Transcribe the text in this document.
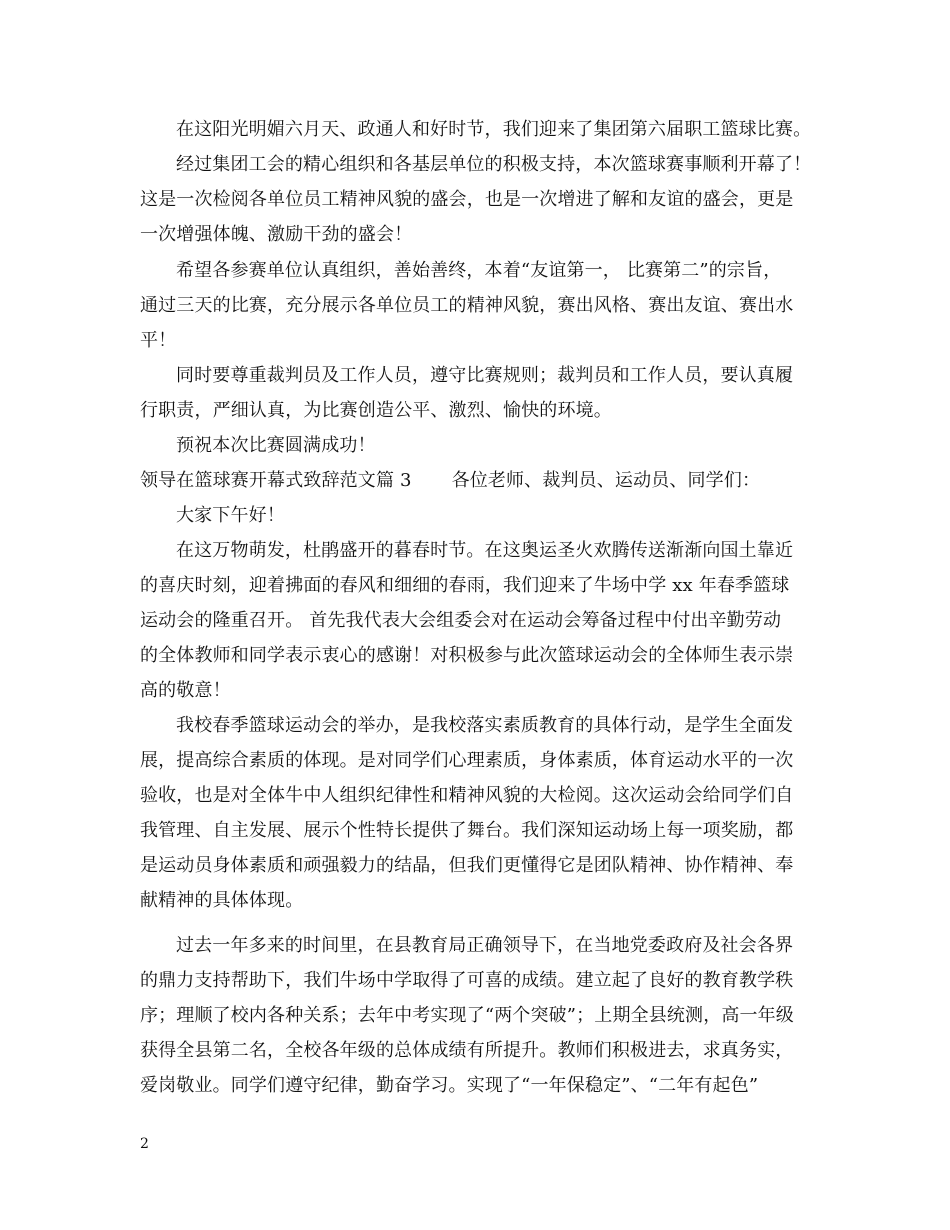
在这阳光明媚六月天、政通人和好时节，我们迎来了集团第六届职工篮球比赛。
经过集团工会的精心组织和各基层单位的积极支持，本次篮球赛事顺利开幕了！
这是一次检阅各单位员工精神风貌的盛会，也是一次增进了解和友谊的盛会，更是
一次增强体魄、激励干劲的盛会！
希望各参赛单位认真组织，善始善终，本着“友谊第一， 比赛第二”的宗旨，
通过三天的比赛，充分展示各单位员工的精神风貌，赛出风格、赛出友谊、赛出水
平！
同时要尊重裁判员及工作人员，遵守比赛规则；裁判员和工作人员，要认真履
行职责，严细认真，为比赛创造公平、激烈、愉快的环境。
预祝本次比赛圆满成功！
领导在篮球赛开幕式致辞范文篇 3 各位老师、裁判员、运动员、同学们：
大家下午好！
在这万物萌发，杜鹃盛开的暮春时节。在这奥运圣火欢腾传送渐渐向国土靠近
的喜庆时刻，迎着拂面的春风和细细的春雨，我们迎来了牛场中学 xx 年春季篮球
运动会的隆重召开。 首先我代表大会组委会对在运动会筹备过程中付出辛勤劳动
的全体教师和同学表示衷心的感谢！对积极参与此次篮球运动会的全体师生表示崇
高的敬意！
我校春季篮球运动会的举办，是我校落实素质教育的具体行动，是学生全面发
展，提高综合素质的体现。是对同学们心理素质，身体素质，体育运动水平的一次
验收，也是对全体牛中人组织纪律性和精神风貌的大检阅。这次运动会给同学们自
我管理、自主发展、展示个性特长提供了舞台。我们深知运动场上每一项奖励，都
是运动员身体素质和顽强毅力的结晶，但我们更懂得它是团队精神、协作精神、奉
献精神的具体体现。
过去一年多来的时间里，在县教育局正确领导下，在当地党委政府及社会各界
的鼎力支持帮助下，我们牛场中学取得了可喜的成绩。建立起了良好的教育教学秩
序；理顺了校内各种关系；去年中考实现了“两个突破”；上期全县统测，高一年级
获得全县第二名，全校各年级的总体成绩有所提升。教师们积极进去，求真务实，
爱岗敬业。同学们遵守纪律，勤奋学习。实现了“一年保稳定”、“二年有起色”
2
